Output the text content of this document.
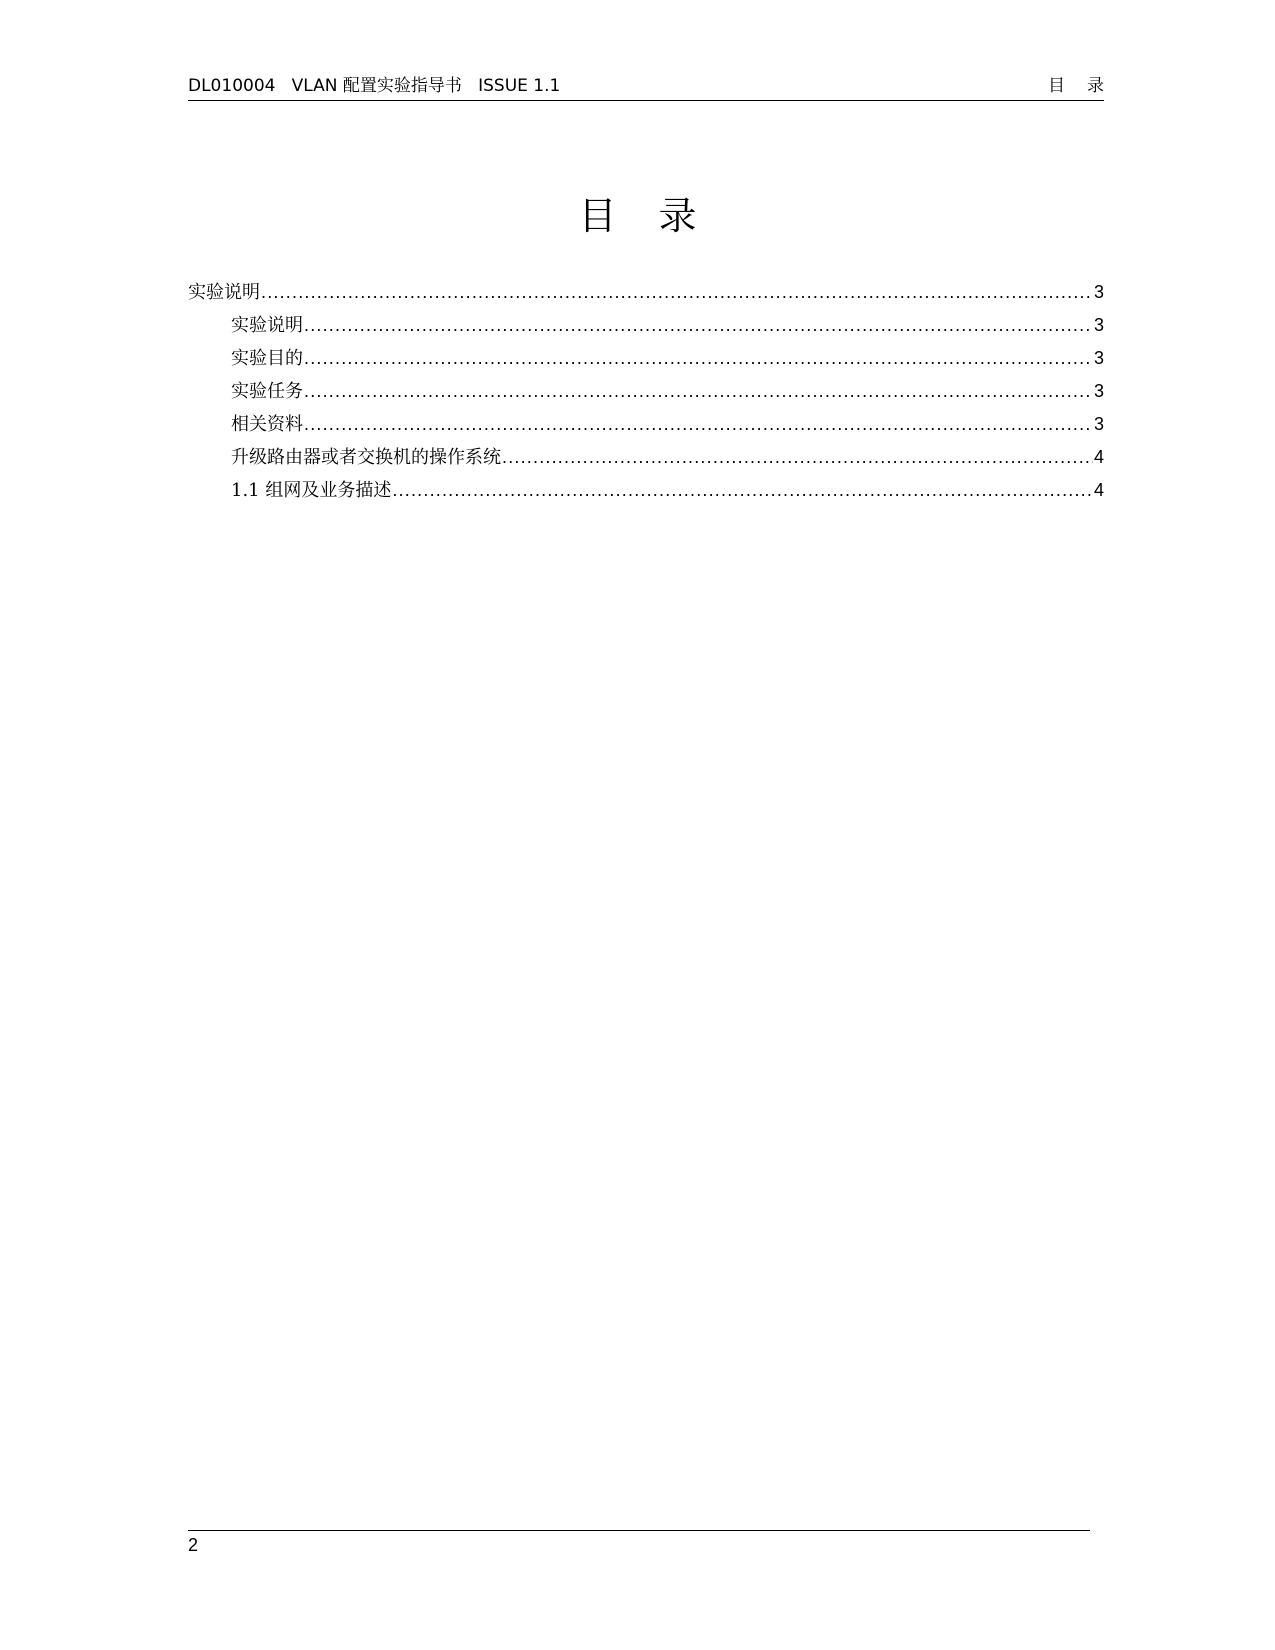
DL010004   VLAN 配置实验指导书   ISSUE 1.1	目录
目录
实验说明 .....	3
实验说明 .....	3
实验目的 .....	3
实验任务 .....	3
相关资料 .....	3
升级路由器或者交换机的操作系统 .....	4
1.1 组网及业务描述 .....	4
2
